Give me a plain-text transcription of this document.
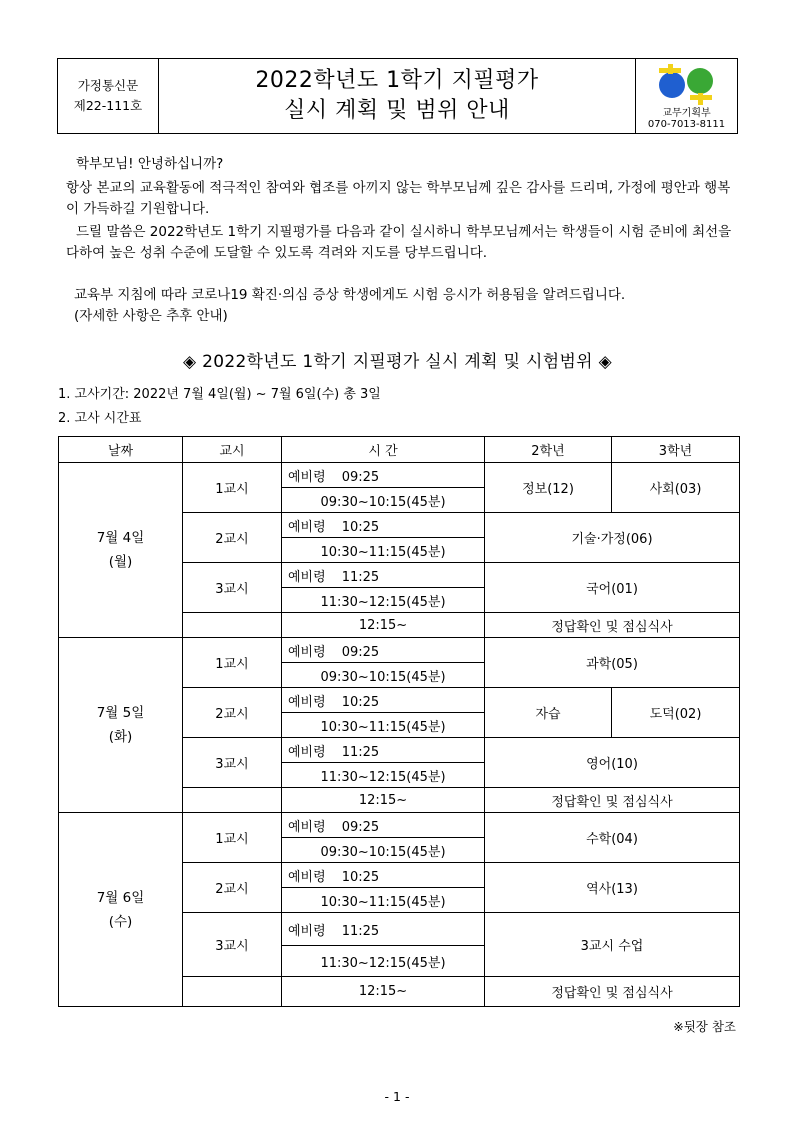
가정통신문
제22-111호
2022학년도 1학기 지필평가
실시 계획 및 범위 안내	교무기획부
070-7013-8111
학부모님! 안녕하십니까?
항상 본교의 교육활동에 적극적인 참여와 협조를 아끼지 않는 학부모님께 깊은 감사를 드리며, 가정에 평안과 행복이 가득하길 기원합니다.
드릴 말씀은 2022학년도 1학기 지필평가를 다음과 같이 실시하니 학부모님께서는 학생들이 시험 준비에 최선을 다하여 높은 성취 수준에 도달할 수 있도록 격려와 지도를 당부드립니다.
교육부 지침에 따라 코로나19 확진·의심 증상 학생에게도 시험 응시가 허용됨을 알려드립니다.
(자세한 사항은 추후 안내)
◈ 2022학년도 1학기 지필평가 실시 계획 및 시험범위 ◈
1. 고사기간: 2022년 7월 4일(월) ~ 7월 6일(수) 총 3일
2. 고사 시간표
날짜	교시	시 간	2학년	3학년

7월 4일
(월)	1교시	예비령 09:25	정보(12)	사회(03)
		09:30~10:15(45분)		
	2교시	예비령 10:25	기술·가정(06)	
		10:30~11:15(45분)		
	3교시	예비령 11:25	국어(01)	
		11:30~12:15(45분)		
		12:15~	정답확인 및 점심식사	

7월 5일
(화)	1교시	예비령 09:25	과학(05)	
		09:30~10:15(45분)		
	2교시	예비령 10:25	자습	도덕(02)
		10:30~11:15(45분)		
	3교시	예비령 11:25	영어(10)	
		11:30~12:15(45분)		
		12:15~	정답확인 및 점심식사	

7월 6일
(수)	1교시	예비령 09:25	수학(04)	
		09:30~10:15(45분)		
	2교시	예비령 10:25	역사(13)	
		10:30~11:15(45분)		
	3교시	예비령 11:25	3교시 수업	
		11:30~12:15(45분)		
		12:15~	정답확인 및 점심식사	
※뒷장 참조
- 1 -
